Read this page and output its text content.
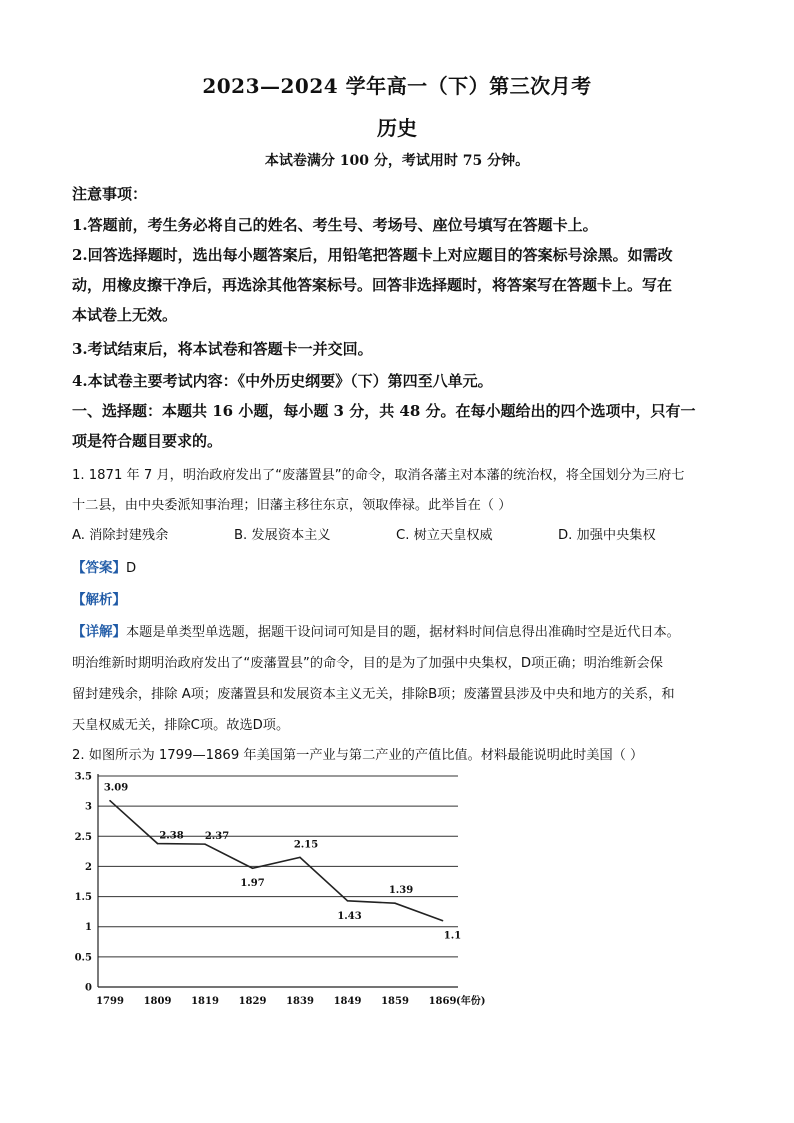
2023—2024 学年高一（下）第三次月考
历史
本试卷满分 100 分，考试用时 75 分钟。
注意事项：
1.答题前，考生务必将自己的姓名、考生号、考场号、座位号填写在答题卡上。
2.回答选择题时，选出每小题答案后，用铅笔把答题卡上对应题目的答案标号涂黑。如需改
动，用橡皮擦干净后，再选涂其他答案标号。回答非选择题时，将答案写在答题卡上。写在
本试卷上无效。
3.考试结束后，将本试卷和答题卡一并交回。
4.本试卷主要考试内容：《中外历史纲要》（下）第四至八单元。
一、选择题：本题共 16 小题，每小题 3 分，共 48 分。在每小题给出的四个选项中，只有一
项是符合题目要求的。
1. 1871 年 7 月，明治政府发出了“废藩置县”的命令，取消各藩主对本藩的统治权，将全国划分为三府七
十二县，由中央委派知事治理；旧藩主移往东京，领取俸禄。此举旨在（ ）
A. 消除封建残余	B. 发展资本主义	C. 树立天皇权威	D. 加强中央集权
【答案】D
【解析】
【详解】本题是单类型单选题，据题干设问词可知是目的题，据材料时间信息得出准确时空是近代日本。
明治维新时期明治政府发出了“废藩置县”的命令，目的是为了加强中央集权，D项正确；明治维新会保
留封建残余，排除 A项；废藩置县和发展资本主义无关，排除B项；废藩置县涉及中央和地方的关系，和
天皇权威无关，排除C项。故选D项。
2. 如图所示为 1799—1869 年美国第一产业与第二产业的产值比值。材料最能说明此时美国（ ）
0
0.5
1
1.5
2
2.5
3
3.5
1799 1809 1819 1829 1839 1849 1859 1869
3.09
2.38 2.37
1.97
2.15
1.43
1.39
1.1
(年份)
